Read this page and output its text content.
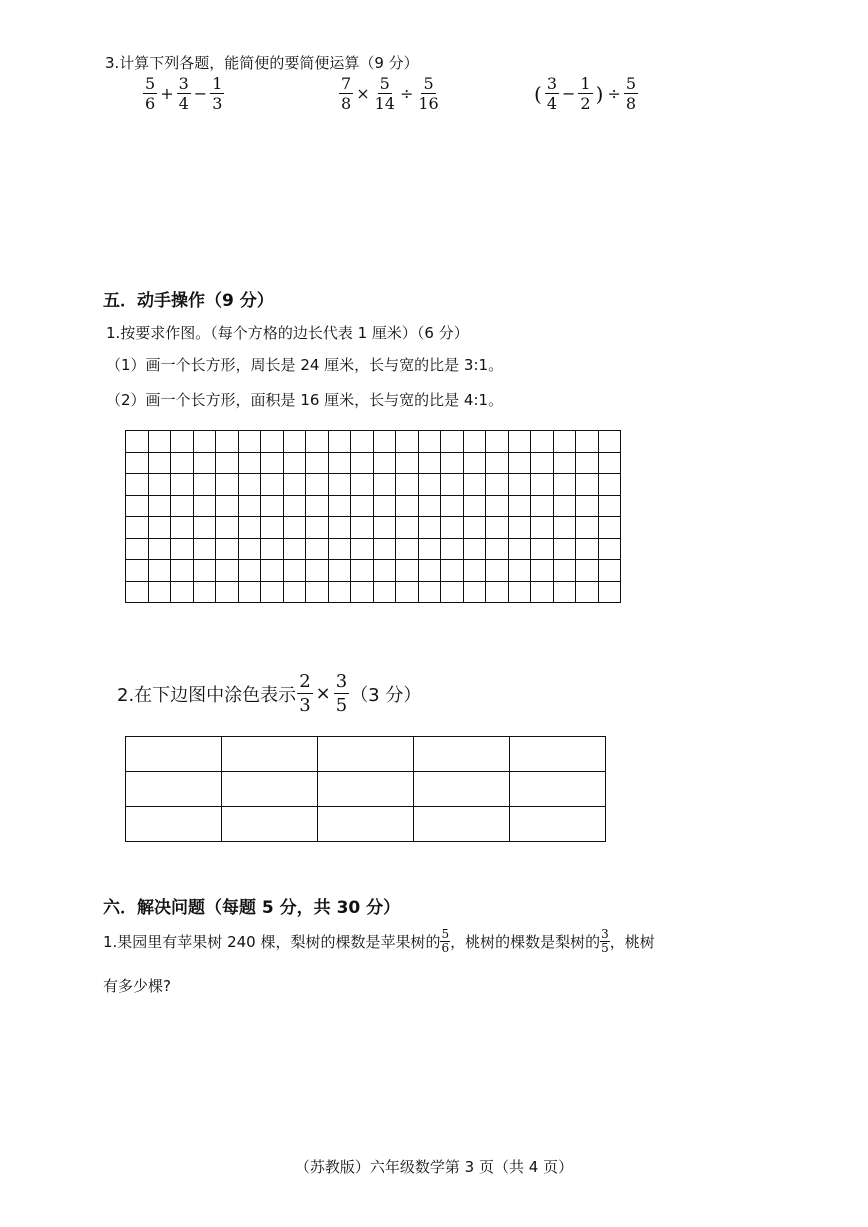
3.计算下列各题，能简便的要简便运算（9 分）
$\frac{5}{6} + \frac{3}{4} - \frac{1}{3}$	$\frac{7}{8} \times \frac{5}{14} \div \frac{5}{16}$	( $\frac{3}{4} - \frac{1}{2}$ ) ÷ $\frac{5}{8}$
五．动手操作（9 分）
1.按要求作图。（每个方格的边长代表 1 厘米）（6 分）
（1）画一个长方形，周长是 24 厘米，长与宽的比是 3:1。
（2）画一个长方形，面积是 16 厘米，长与宽的比是 4:1。

2.在下边图中涂色表示 $\frac{2}{3} \times \frac{3}{5} (3$ 分）

六．解决问题（每题 5 分，共 30 分）
1.果园里有苹果树 240 棵，梨树的棵数是苹果树的 $\frac{5}{6}$ ，桃树的棵数是梨树的 $\frac{3}{5}$ ，桃树
有多少棵?
（苏教版）六年级数学第 3 页（共 4 页）
